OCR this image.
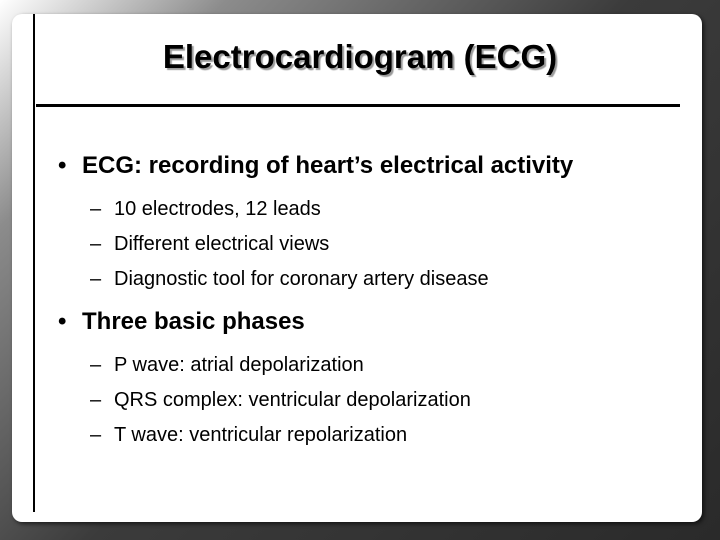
Electrocardiogram (ECG)
• ECG: recording of heart’s electrical activity
– 10 electrodes, 12 leads
– Different electrical views
– Diagnostic tool for coronary artery disease
• Three basic phases
– P wave: atrial depolarization
– QRS complex: ventricular depolarization
– T wave: ventricular repolarization
